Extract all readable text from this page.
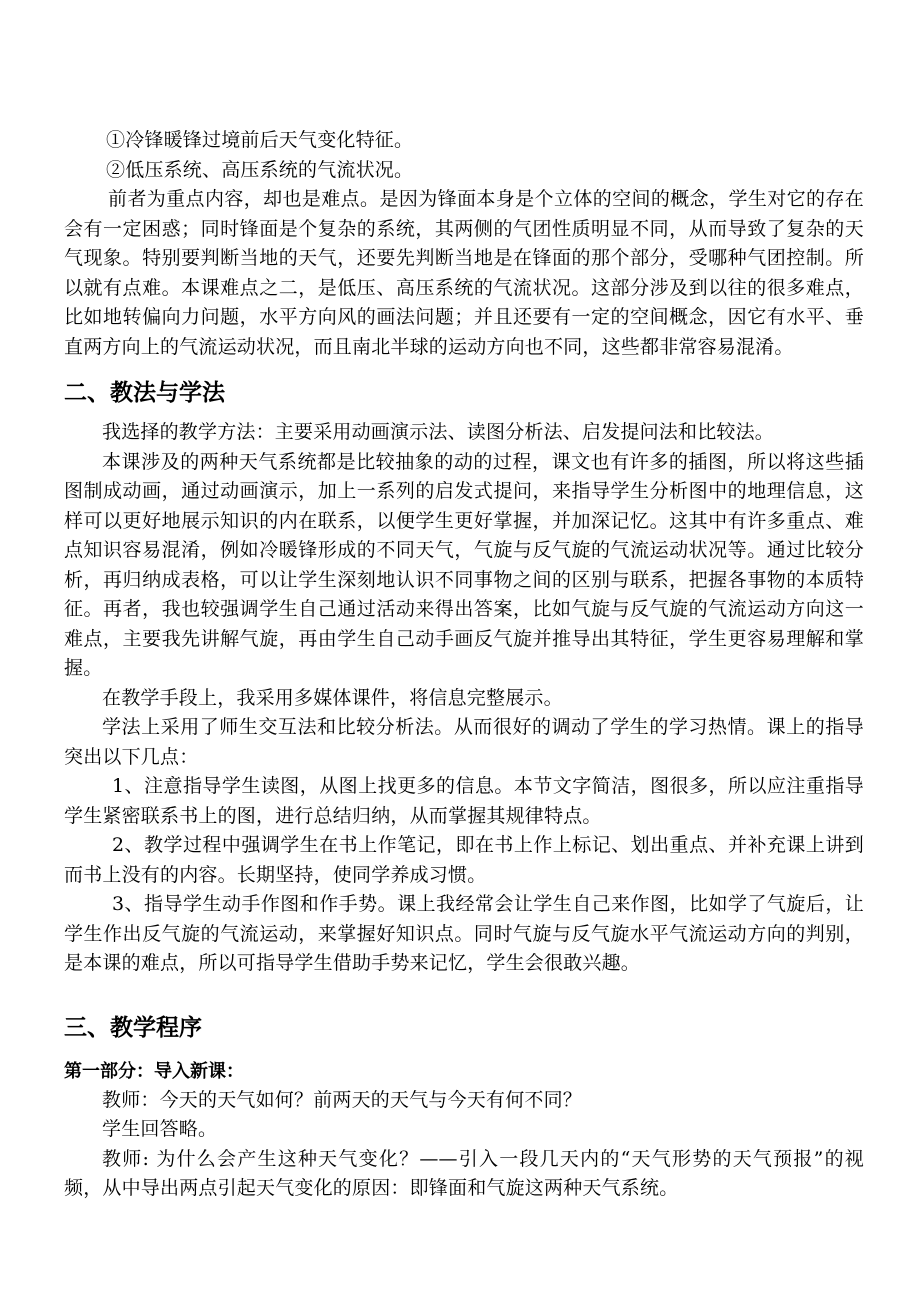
①冷锋暖锋过境前后天气变化特征。

②低压系统、高压系统的气流状况。

前者为重点内容，却也是难点。是因为锋面本身是个立体的空间的概念，学生对它的存在会有一定困惑；同时锋面是个复杂的系统，其两侧的气团性质明显不同，从而导致了复杂的天气现象。特别要判断当地的天气，还要先判断当地是在锋面的那个部分，受哪种气团控制。所以就有点难。本课难点之二，是低压、高压系统的气流状况。这部分涉及到以往的很多难点，比如地转偏向力问题，水平方向风的画法问题；并且还要有一定的空间概念，因它有水平、垂直两方向上的气流运动状况，而且南北半球的运动方向也不同，这些都非常容易混淆。

二、教法与学法

我选择的教学方法：主要采用动画演示法、读图分析法、启发提问法和比较法。

本课涉及的两种天气系统都是比较抽象的动的过程，课文也有许多的插图，所以将这些插图制成动画，通过动画演示，加上一系列的启发式提问，来指导学生分析图中的地理信息，这样可以更好地展示知识的内在联系，以便学生更好掌握，并加深记忆。这其中有许多重点、难点知识容易混淆，例如冷暖锋形成的不同天气，气旋与反气旋的气流运动状况等。通过比较分析，再归纳成表格，可以让学生深刻地认识不同事物之间的区别与联系，把握各事物的本质特征。再者，我也较强调学生自己通过活动来得出答案，比如气旋与反气旋的气流运动方向这一难点，主要我先讲解气旋，再由学生自己动手画反气旋并推导出其特征，学生更容易理解和掌握。

在教学手段上，我采用多媒体课件，将信息完整展示。

学法上采用了师生交互法和比较分析法。从而很好的调动了学生的学习热情。课上的指导突出以下几点：

1、注意指导学生读图，从图上找更多的信息。本节文字简洁，图很多，所以应注重指导学生紧密联系书上的图，进行总结归纳，从而掌握其规律特点。

2、教学过程中强调学生在书上作笔记，即在书上作上标记、划出重点、并补充课上讲到而书上没有的内容。长期坚持，使同学养成习惯。

3、指导学生动手作图和作手势。课上我经常会让学生自己来作图，比如学了气旋后，让学生作出反气旋的气流运动，来掌握好知识点。同时气旋与反气旋水平气流运动方向的判别，是本课的难点，所以可指导学生借助手势来记忆，学生会很敢兴趣。

三、教学程序
第一部分：导入新课：

教师：今天的天气如何？前两天的天气与今天有何不同？

学生回答略。

教师: 为什么会产生这种天气变化？——引入一段几天内的“天气形势的天气预报”的视频，从中导出两点引起天气变化的原因：即锋面和气旋这两种天气系统。
